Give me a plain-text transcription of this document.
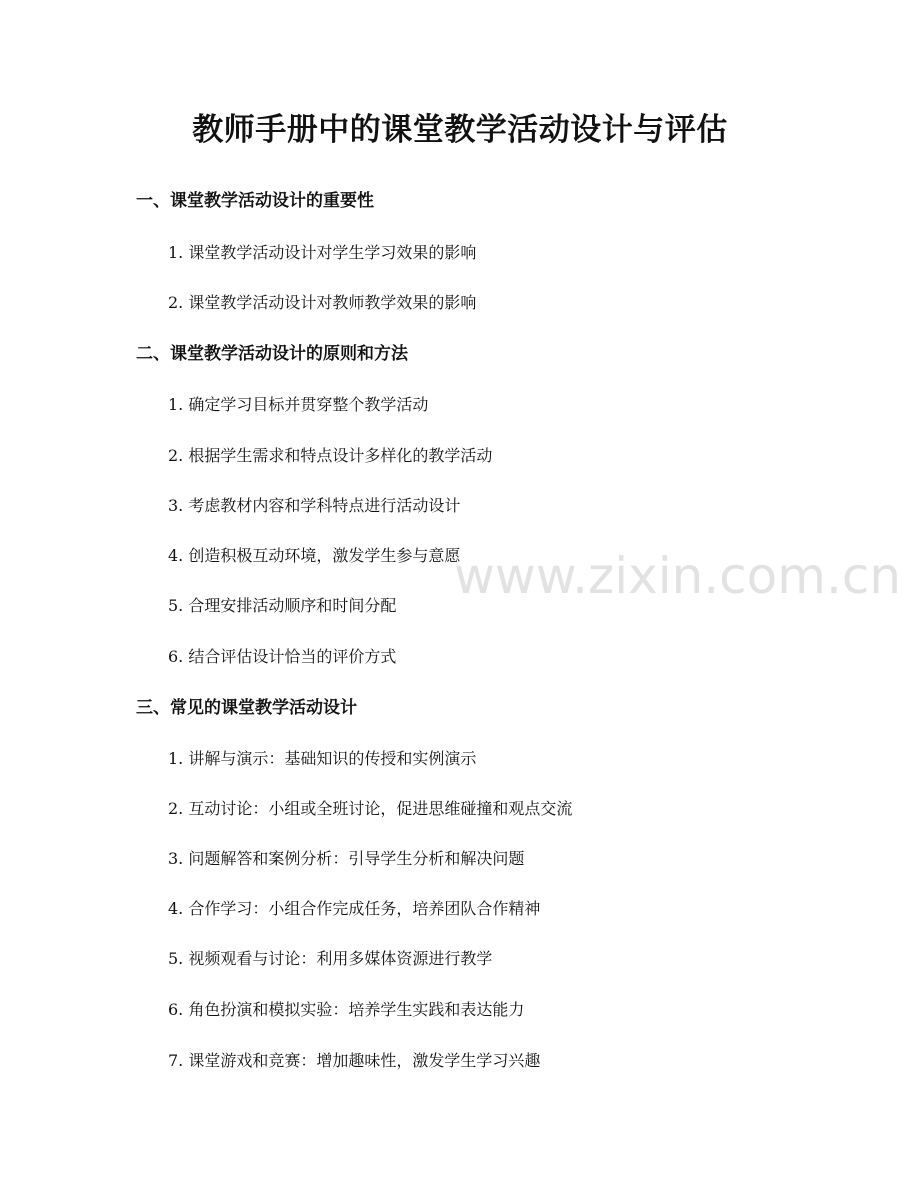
教师手册中的课堂教学活动设计与评估
一、课堂教学活动设计的重要性

1. 课堂教学活动设计对学生学习效果的影响

2. 课堂教学活动设计对教师教学效果的影响

二、课堂教学活动设计的原则和方法

1. 确定学习目标并贯穿整个教学活动

2. 根据学生需求和特点设计多样化的教学活动

3. 考虑教材内容和学科特点进行活动设计

4. 创造积极互动环境，激发学生参与意愿

5. 合理安排活动顺序和时间分配

6. 结合评估设计恰当的评价方式

三、常见的课堂教学活动设计

1. 讲解与演示：基础知识的传授和实例演示

2. 互动讨论：小组或全班讨论，促进思维碰撞和观点交流

3. 问题解答和案例分析：引导学生分析和解决问题

4. 合作学习：小组合作完成任务，培养团队合作精神

5. 视频观看与讨论：利用多媒体资源进行教学

6. 角色扮演和模拟实验：培养学生实践和表达能力

7. 课堂游戏和竞赛：增加趣味性，激发学生学习兴趣

www.zixin.com.cn
